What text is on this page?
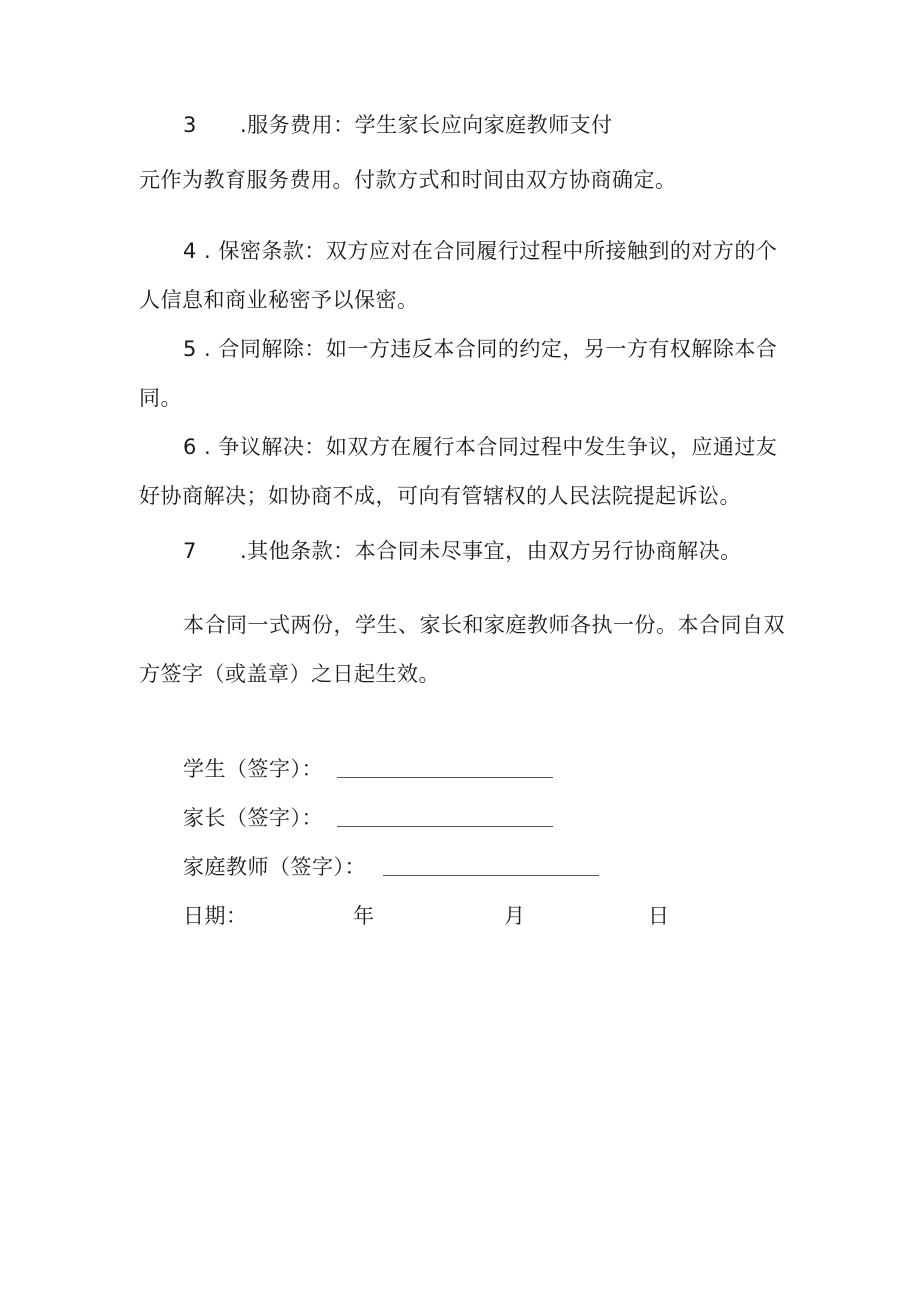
3 .服务费用：学生家长应向家庭教师支付
元作为教育服务费用。付款方式和时间由双方协商确定。
4 . 保密条款：双方应对在合同履行过程中所接触到的对方的个
人信息和商业秘密予以保密。
5 . 合同解除：如一方违反本合同的约定，另一方有权解除本合
同。
6 . 争议解决：如双方在履行本合同过程中发生争议，应通过友
好协商解决；如协商不成，可向有管辖权的人民法院提起诉讼。
7 .其他条款：本合同未尽事宜，由双方另行协商解决。
本合同一式两份，学生、家长和家庭教师各执一份。本合同自双
方签字（或盖章）之日起生效。
学生（签字）：
家长（签字）：
家庭教师（签字）：
日期：	年	月	日
